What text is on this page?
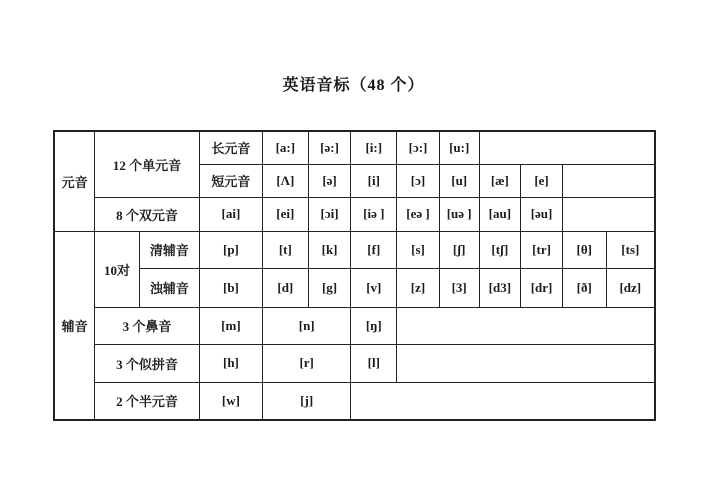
英语音标（48 个）
元音	12 个单元音		长元音	[a:]	[ə:]	[i:]	[ɔ:]	[u:]				
			短元音	[Λ]	[ə]	[i]	[ɔ]	[u]	[æ]	[e]		
	8 个双元音		[ai]	[ei]	[ɔi]	[iə ]	[eə ]	[uə ]	[au]	[əu]		
辅音	10对	清辅音	[p]	[t]	[k]	[f]	[s]	[ʃ]	[tʃ]	[tr]	[θ]	[ts]
		浊辅音	[b]	[d]	[g]	[v]	[z]	[3]	[d3]	[dr]	[ð]	[dz]
	3 个鼻音		[m]	[n]		[ŋ]						
	3 个似拼音		[h]	[r]		[l]						
	2 个半元音		[w]	[j]								
